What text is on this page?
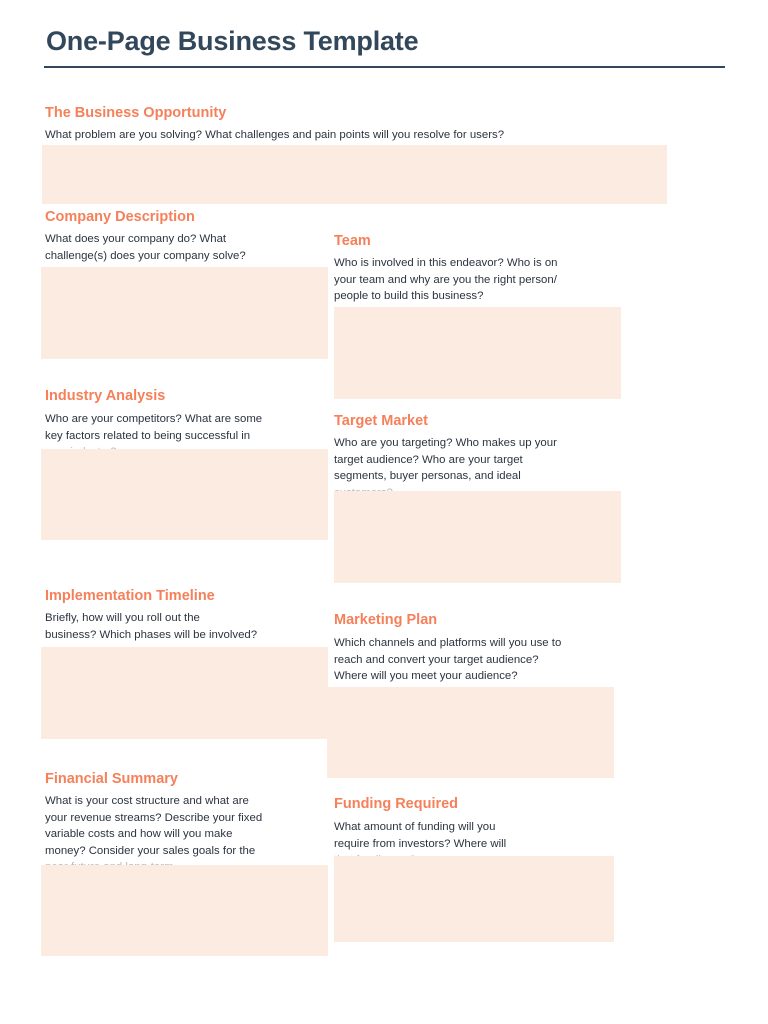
One-Page Business Template
The Business Opportunity

What problem are you solving? What challenges and pain points will you resolve for users?

Company Description

What does your company do? What
challenge(s) does your company solve?

Team

Who is involved in this endeavor? Who is on
your team and why are you the right person/
people to build this business?

Industry Analysis

Who are your competitors? What are some
key factors related to being successful in

Target Market

Who are you targeting? Who makes up your
target audience? Who are your target
segments, buyer personas, and ideal

Implementation Timeline

Briefly, how will you roll out the
business? Which phases will be involved?

Marketing Plan

Which channels and platforms will you use to
reach and convert your target audience?
Where will you meet your audience?

Financial Summary

What is your cost structure and what are
your revenue streams? Describe your fixed
variable costs and how will you make
money? Consider your sales goals for the

Funding Required

What amount of funding will you
require from investors? Where will
